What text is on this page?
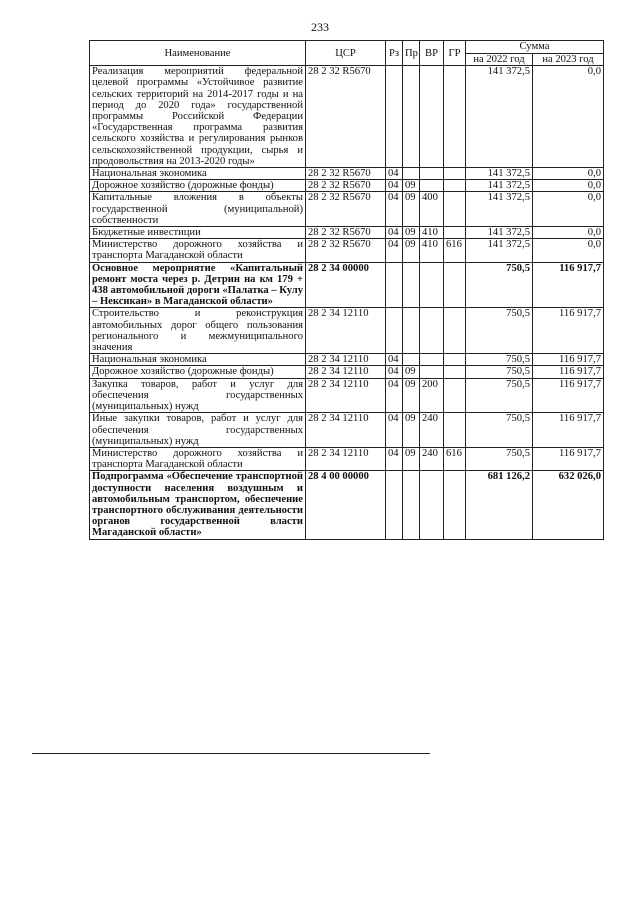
233
Наименование	ЦСР	Рз	Пр	ВР	ГР	Сумма	
						на 2022 год	на 2023 год
Реализация мероприятий федеральной целевой программы «Устойчивое развитие сельских территорий на 2014-2017 годы и на период до 2020 года» государственной программы Российской Федерации «Государственная программа развития сельского хозяйства и регулирования рынков сельскохозяйственной продукции, сырья и продовольствия на 2013-2020 годы»	28 2 32 R5670					141 372,5	0,0
Национальная экономика	28 2 32 R5670	04				141 372,5	0,0
Дорожное хозяйство (дорожные фонды)	28 2 32 R5670	04	09			141 372,5	0,0
Капитальные вложения в объекты государственной (муниципальной) собственности	28 2 32 R5670	04	09	400		141 372,5	0,0
Бюджетные инвестиции	28 2 32 R5670	04	09	410		141 372,5	0,0
Министерство дорожного хозяйства и транспорта Магаданской области	28 2 32 R5670	04	09	410	616	141 372,5	0,0
Основное мероприятие «Капитальный ремонт моста через р. Детрин на км 179 + 438 автомобильной дороги «Палатка – Кулу – Нексикан» в Магаданской области»	28 2 34 00000					750,5	116 917,7
Строительство и реконструкция автомобильных дорог общего пользования регионального и межмуниципального значения	28 2 34 12110					750,5	116 917,7
Национальная экономика	28 2 34 12110	04				750,5	116 917,7
Дорожное хозяйство (дорожные фонды)	28 2 34 12110	04	09			750,5	116 917,7
Закупка товаров, работ и услуг для обеспечения государственных (муниципальных) нужд	28 2 34 12110	04	09	200		750,5	116 917,7
Иные закупки товаров, работ и услуг для обеспечения государственных (муниципальных) нужд	28 2 34 12110	04	09	240		750,5	116 917,7
Министерство дорожного хозяйства и транспорта Магаданской области	28 2 34 12110	04	09	240	616	750,5	116 917,7
Подпрограмма «Обеспечение транспортной доступности населения воздушным и автомобильным транспортом, обеспечение транспортного обслуживания деятельности органов государственной власти Магаданской области»	28 4 00 00000					681 126,2	632 026,0
